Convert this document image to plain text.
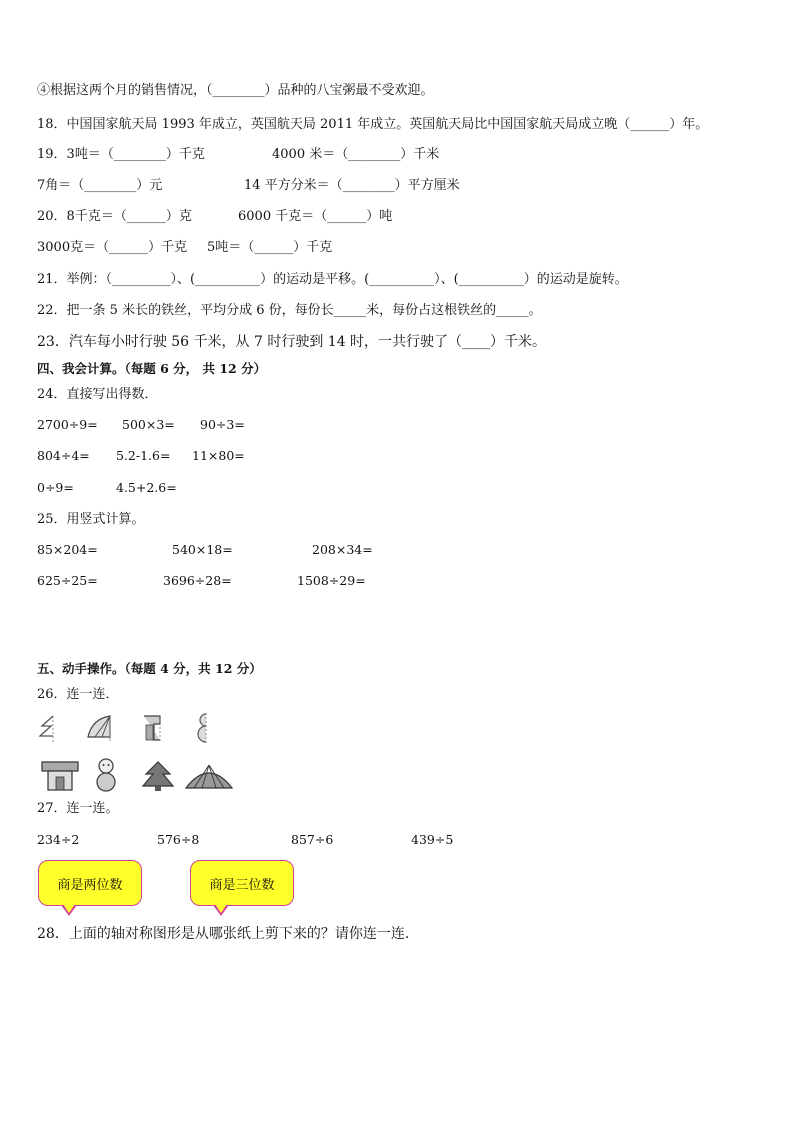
④根据这两个月的销售情况，（________）品种的八宝粥最不受欢迎。
18．中国国家航天局 1993 年成立，英国航天局 2011 年成立。英国航天局比中国国家航天局成立晚（______）年。
19．3吨＝（________）千克	4000 米＝（________）千米
7角＝（________）元	14 平方分米＝（________）平方厘米
20．8千克＝（______）克	6000 千克＝（______）吨
3000克＝（______）千克 5吨＝（______）千克
21．举例：（_________）、(__________）的运动是平移。(__________）、(__________）的运动是旋转。
22．把一条 5 米长的铁丝，平均分成 6 份，每份长_____米，每份占这根铁丝的_____。
23．汽车每小时行驶 56 千米，从 7 时行驶到 14 时，一共行驶了（____）千米。
四、我会计算。（每题 6 分， 共 12 分）
24．直接写出得数．
2700÷9= 500×3= 90÷3=
804÷4= 5.2-1.6= 11×80=
0÷9=	4.5+2.6=
25．用竖式计算。
85×204=	540×18=	208×34=
625÷25=	3696÷28=	1508÷29=
五、动手操作。（每题 4 分，共 12 分）
26．连一连．
27．连一连。
234÷2	576÷8	857÷6	439÷5
商是两位数	商是三位数
28．上面的轴对称图形是从哪张纸上剪下来的？请你连一连.
